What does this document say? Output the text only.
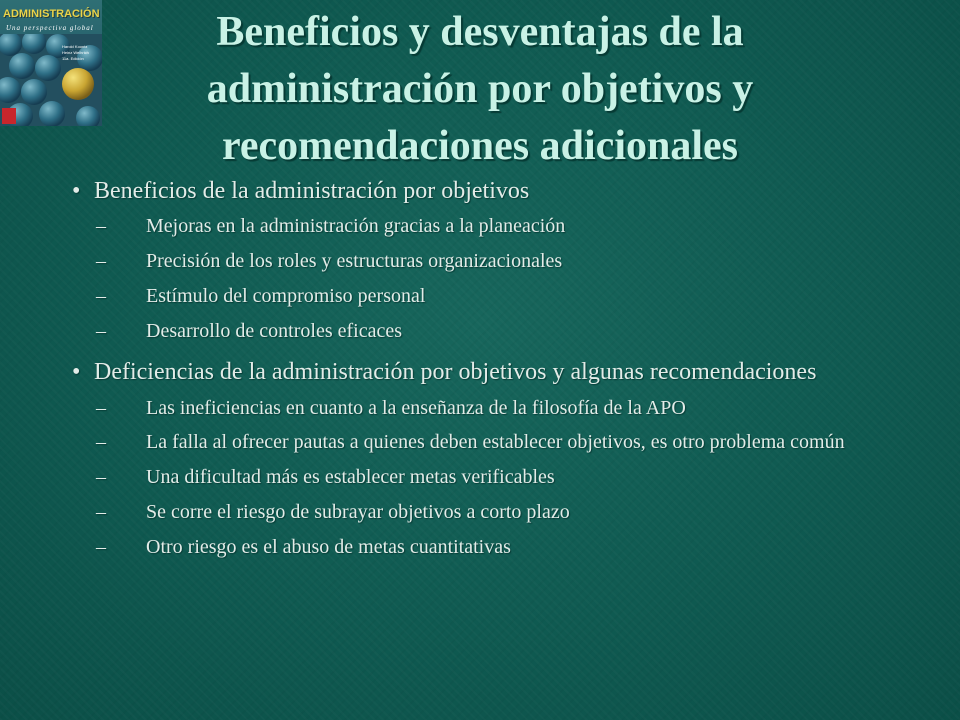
ADMINISTRACIÓN
Una perspectiva global
Harold Koontz
Heinz Weihrich
11a. Edición
Beneficios y desventajas de la administración por objetivos y recomendaciones adicionales
• Beneficios de la administración por objetivos
– Mejoras en la administración gracias a la planeación
– Precisión de los roles y estructuras organizacionales
– Estímulo del compromiso personal
– Desarrollo de controles eficaces
• Deficiencias de la administración por objetivos y algunas recomendaciones
– Las ineficiencias en cuanto a la enseñanza de la filosofía de la APO
– La falla al ofrecer pautas a quienes deben establecer objetivos, es otro problema común
– Una dificultad más es establecer metas verificables
– Se corre el riesgo de subrayar objetivos a corto plazo
– Otro riesgo es el abuso de metas cuantitativas
